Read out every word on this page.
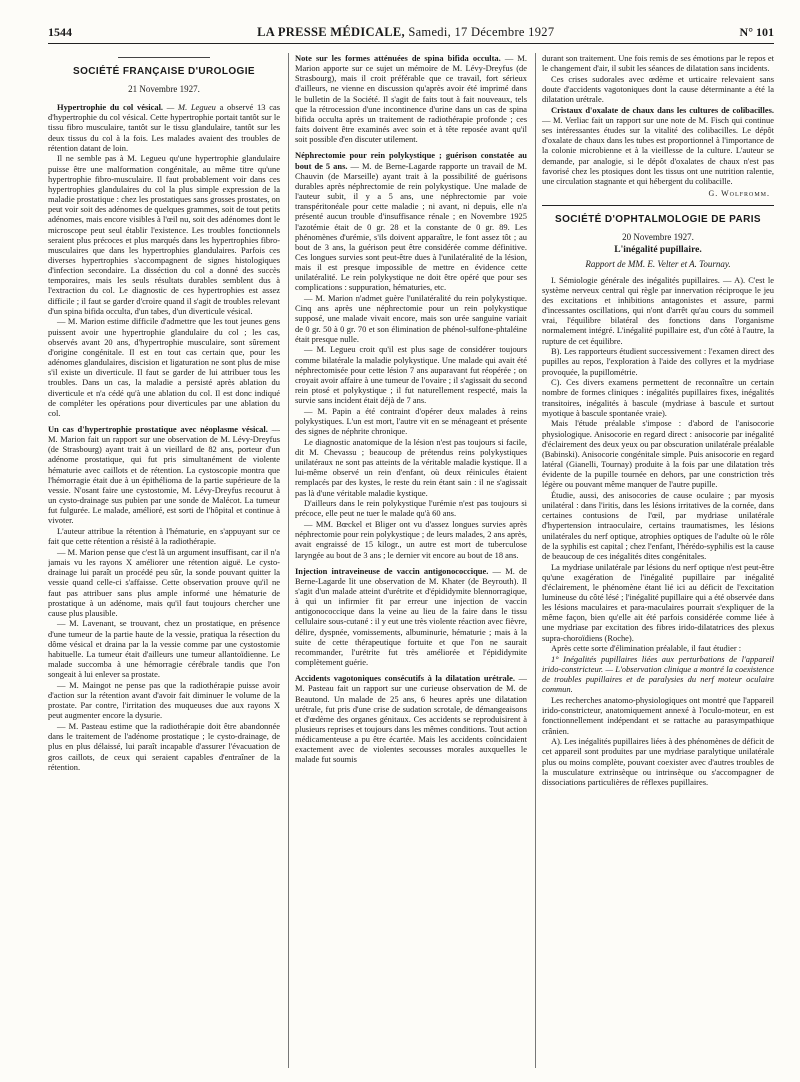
1544	LA PRESSE MÉDICALE, Samedi, 17 Décembre 1927	N° 101
SOCIÉTÉ FRANÇAISE D'UROLOGIE
21 Novembre 1927.

Hypertrophie du col vésical. — M. Legueu a observé 13 cas d'hypertrophie du col vésical. Cette hypertrophie portait tantôt sur le tissu fibro musculaire, tantôt sur le tissu glandulaire, tantôt sur les deux tissus du col à la fois. Les malades avaient des troubles de rétention datant de loin.

Il ne semble pas à M. Legueu qu'une hypertrophie glandulaire puisse être une malformation congénitale, au même titre qu'une hypertrophie fibro-musculaire. Il faut probablement voir dans ces hypertrophies glandulaires du col la plus simple expression de la maladie prostatique : chez les prostatiques sans grosses prostates, on peut voir soit des adénomes de quelques grammes, soit de tout petits adénomes, mais encore visibles à l'œil nu, soit des adénomes dont le microscope peut seul établir l'existence. Les troubles fonctionnels seraient plus précoces et plus marqués dans les hypertrophies fibro-musculaires que dans les hypertrophies glandulaires. Parfois ces diverses hypertrophies s'accompagnent de signes histologiques d'infection secondaire. La disséction du col a donné des succès temporaires, mais les seuls résultats durables semblent dus à l'extraction du col. Le diagnostic de ces hypertrophies est assez difficile ; il faut se garder d'croire quand il s'agit de troubles relevant d'un spina bifida occulta, d'un tabes, d'un diverticule vésical.

— M. Marion estime difficile d'admettre que les tout jeunes gens puissent avoir une hypertrophie glandulaire du col ; les cas, observés avant 20 ans, d'hypertrophie musculaire, sont sûrement d'origine congénitale. Il est en tout cas certain que, pour les adénomes glandulaires, discision et ligaturation ne sont plus de mise s'il existe un diverticule. Il faut se garder de lui attribuer tous les troubles. Dans un cas, la maladie a persisté après ablation du diverticule et n'a cédé qu'à une ablation du col. Il est donc indiqué de compléter les opérations pour diverticules par une ablation du col.

Un cas d'hypertrophie prostatique avec néoplasme vésical. — M. Marion fait un rapport sur une observation de M. Lévy-Dreyfus (de Strasbourg) ayant trait à un vieillard de 82 ans, porteur d'un adénome prostatique, qui fut pris simultanément de violente hématurie avec caillots et de rétention. La cystoscopie montra que l'hémorragie était due à un épithélioma de la partie supérieure de la vessie. N'osant faire une cystostomie, M. Lévy-Dreyfus recourut à un cysto-drainage sus pubien par une sonde de Malécot. La tumeur fut fulgurée. Le malade, amélioré, est sorti de l'hôpital et continue à vivoter.

L'auteur attribue la rétention à l'hématurie, en s'appuyant sur ce fait que cette rétention a résisté à la radiothérapie.

— M. Marion pense que c'est là un argument insuffisant, car il n'a jamais vu les rayons X améliorer une rétention aiguë. Le cysto-drainage lui paraît un procédé peu sûr, la sonde pouvant quitter la vessie quand celle-ci s'affaisse. Cette observation prouve qu'il ne faut pas attribuer sans plus ample informé une hématurie de prostatique à un adénome, mais qu'il faut toujours chercher une cause plus plausible.

— M. Lavenant, se trouvant, chez un prostatique, en présence d'une tumeur de la partie haute de la vessie, pratiqua la résection du dôme vésical et draina par la la vessie comme par une cystostomie habituelle. La tumeur était d'ailleurs une tumeur allantoïdienne. Le malade succomba à une hémorragie cérébrale tandis que l'on songeait à lui enlever sa prostate.

— M. Maingot ne pense pas que la radiothérapie puisse avoir d'action sur la rétention avant d'avoir fait diminuer le volume de la prostate. Par contre, l'irritation des muqueuses due aux rayons X peut augmenter encore la dysurie.

— M. Pasteau estime que la radiothérapie doit être abandonnée dans le traitement de l'adénome prostatique ; le cysto-drainage, de plus en plus délaissé, lui paraît incapable d'assurer l'évacuation de gros caillots, de ceux qui seraient capables d'entraîner de la rétention.

Note sur les formes atténuées de spina bifida occulta. — M. Marion apporte sur ce sujet un mémoire de M. Lévy-Dreyfus (de Strasbourg), mais il croit préférable que ce travail, fort sérieux d'ailleurs, ne vienne en discussion qu'après avoir été imprimé dans le bulletin de la Société. Il s'agit de faits tout à fait nouveaux, tels que la rétrocession d'une incontinence d'urine dans un cas de spina bifida occulta après un traitement de radiothérapie profonde ; ces faits doivent être examinés avec soin et à tête reposée avant qu'il soit possible d'en discuter utilement.

Néphrectomie pour rein polykystique ; guérison constatée au bout de 5 ans. — M. de Berne-Lagarde rapporte un travail de M. Chauvin (de Marseille) ayant trait à la possibilité de guérisons durables après néphrectomie de rein polykystique. Une malade de l'auteur subit, il y a 5 ans, une néphrectomie par voie transpéritonéale pour cette maladie ; ni avant, ni depuis, elle n'a présenté aucun trouble d'insuffisance rénale ; en Novembre 1925 l'azotémie était de 0 gr. 28 et la constante de 0 gr. 89. Les phénomènes d'urémie, s'ils doivent apparaître, le font assez tôt ; au bout de 3 ans, la guérison peut être considérée comme définitive. Ces longues survies sont peut-être dues à l'unilatéralité de la lésion, mais il est presque impossible de mettre en évidence cette unilatéralité. Le rein polykystique ne doit être opéré que pour ses complications : suppuration, hématuries, etc.

— M. Marion n'admet guère l'unilatéralité du rein polykystique. Cinq ans après une néphrectomie pour un rein polykystique supposé, une malade vivait encore, mais son urée sanguine variait de 0 gr. 50 à 0 gr. 70 et son élimination de phénol-sulfone-phtaléine était presque nulle.

— M. Legueu croit qu'il est plus sage de considérer toujours comme bilatérale la maladie polykystique. Une malade qui avait été néphrectomisée pour cette lésion 7 ans auparavant fut réopérée ; on croyait avoir affaire à une tumeur de l'ovaire ; il s'agissait du second rein ptosé et polykystique ; il fut naturellement respecté, mais la survie sans incident était déjà de 7 ans.

— M. Papin a été contraint d'opérer deux malades à reins polykystiques. L'un est mort, l'autre vit en se ménageant et présente des signes de néphrite chronique.

Le diagnostic anatomique de la lésion n'est pas toujours si facile, dit M. Chevassu ; beaucoup de prétendus reins polykystiques unilatéraux ne sont pas atteints de la véritable maladie kystique. Il a lui-même observé un rein d'enfant, où deux réinicules étaient remplacés par des kystes, le reste du rein étant sain : il ne s'agissait pas là d'une véritable maladie kystique.

D'ailleurs dans le rein polykystique l'urémie n'est pas toujours si précoce, elle peut ne tuer le malade qu'à 60 ans.

— MM. Bœckel et Bliger ont vu d'assez longues survies après néphrectomie pour rein polykystique ; de leurs malades, 2 ans après, avait engraissé de 15 kilogr., un autre est mort de tuberculose laryngée au bout de 3 ans ; le dernier vit encore au bout de 18 ans.

Injection intraveineuse de vaccin antigonococcique. — M. de Berne-Lagarde lit une observation de M. Khater (de Beyrouth). Il s'agit d'un malade atteint d'urétrite et d'épididymite blennorragique, à qui un infirmier fit par erreur une injection de vaccin antigonococcique dans la veine au lieu de la faire dans le tissu cellulaire sous-cutané : il y eut une très violente réaction avec fièvre, délire, dyspnée, vomissements, albuminurie, hématurie ; mais à la suite de cette thérapeutique fortuite et que l'on ne saurait recommander, l'urétrite fut très améliorée et l'épididymite complètement guérie.

Accidents vagotoniques consécutifs à la dilatation urétrale. — M. Pasteau fait un rapport sur une curieuse observation de M. de Beautond. Un malade de 25 ans, 6 heures après une dilatation urétrale, fut pris d'une crise de sudation scrotale, de démangeaisons et d'œdème des organes génitaux. Ces accidents se reproduisirent à plusieurs reprises et toujours dans les mêmes conditions. Tout action médicamenteuse a pu être écartée. Mais les accidents coïncidaient exactement avec de violentes secousses morales auxquelles le malade fut soumis

durant son traitement. Une fois remis de ses émotions par le repos et le changement d'air, il subit les séances de dilatation sans incidents.

Ces crises sudorales avec œdème et urticaire relevaient sans doute d'accidents vagotoniques dont la cause déterminante a été la dilatation urétrale.

Cristaux d'oxalate de chaux dans les cultures de colibacilles. — M. Verliac fait un rapport sur une note de M. Fisch qui continue ses intéressantes études sur la vitalité des colibacilles. Le dépôt d'oxalate de chaux dans les tubes est proportionnel à l'importance de la colonie microbienne et à la vieillesse de la culture. L'auteur se demande, par analogie, si le dépôt d'oxalates de chaux n'est pas favorisé chez les ptosiques dont les tissus ont une nutrition ralentie, une circulation stagnante et qui hébergent du colibacille.

G. Wolfromm.
SOCIÉTÉ D'OPHTALMOLOGIE DE PARIS
20 Novembre 1927.
L'inégalité pupillaire.
Rapport de MM. E. Velter et A. Tournay.

I. Sémiologie générale des inégalités pupillaires. — A). C'est le système nerveux central qui règle par innervation réciproque le jeu des excitations et inhibitions antagonistes et assure, parmi d'incessantes oscillations, qui n'ont d'arrêt qu'au cours du sommeil vrai, l'équilibre bilatéral des fonctions dans l'organisme normalement intégré. L'inégalité pupillaire est, d'un côté à l'autre, la rupture de cet équilibre.

B). Les rapporteurs étudient successivement : l'examen direct des pupilles au repos, l'exploration à l'aide des collyres et la mydriase provoquée, la pupillométrie.

C). Ces divers examens permettent de reconnaître un certain nombre de formes cliniques : inégalités pupillaires fixes, inégalités transitoires, inégalités à bascule (mydriase à bascule et surtout myotique à bascule spontanée vraie).

Mais l'étude préalable s'impose : d'abord de l'anisocorie physiologique. Anisocorie en regard direct : anisocorie par inégalité d'éclairement des deux yeux ou par obscuration unilatérale préalable (Babinski). Anisocorie congénitale simple. Puis anisocorie en regard latéral (Gianelli, Tournay) produite à la fois par une dilatation très évidente de la pupille tournée en dehors, par une constriction très légère ou pouvant même manquer de l'autre pupille.

Étudie, aussi, des anisocories de cause oculaire ; par myosis unilatéral : dans l'iritis, dans les lésions irritatives de la cornée, dans certaines contusions de l'œil, par mydriase unilatérale d'hypertension intraoculaire, certains traumatismes, les lésions unilatérales du nerf optique, atrophies optiques de l'adulte où le rôle de la syphilis est capital ; chez l'enfant, l'hérédo-syphilis est la cause de beaucoup de ces inégalités dites congénitales.

La mydriase unilatérale par lésions du nerf optique n'est peut-être qu'une exagération de l'inégalité pupillaire par inégalité d'éclairement, le phénomène étant lié ici au déficit de l'excitation lumineuse du côté lésé ; l'inégalité pupillaire qui a été observée dans les lésions maculaires et para-maculaires pourrait s'expliquer de la même façon, bien qu'elle ait été parfois considérée comme liée à une mydriase par excitation des fibres irido-dilatatrices des plexus supra-choroïdiens (Roche).

Après cette sorte d'élimination préalable, il faut étudier :

1° Inégalités pupillaires liées aux perturbations de l'appareil irido-constricteur. — L'observation clinique a montré la coexistence de troubles pupillaires et de paralysies du nerf moteur oculaire commun.

Les recherches anatomo-physiologiques ont montré que l'appareil irido-constricteur, anatomiquement annexé à l'oculo-moteur, en est fonctionnellement indépendant et se rattache au parasympathique crânien.

A). Les inégalités pupillaires liées à des phénomènes de déficit de cet appareil sont produites par une mydriase paralytique unilatérale plus ou moins complète, pouvant coexister avec d'autres troubles de la musculature extrinsèque ou intrinsèque ou s'accompagner de dissociations particulières de réflexes pupillaires.
